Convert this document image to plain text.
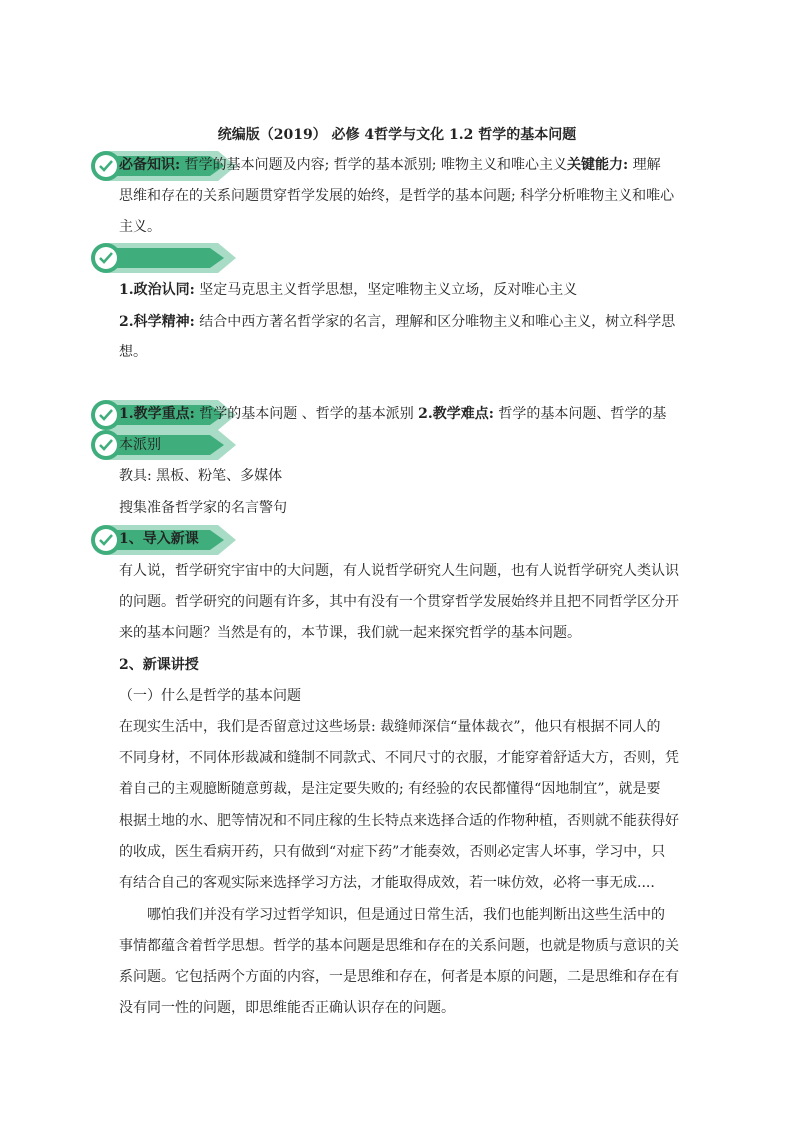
统编版（2019） 必修 4哲学与文化 1.2 哲学的基本问题
必备知识: 哲学的基本问题及内容; 哲学的基本派别; 唯物主义和唯心主义关键能力: 理解
思维和存在的关系问题贯穿哲学发展的始终，是哲学的基本问题; 科学分析唯物主义和唯心
主义。
1.政治认同: 坚定马克思主义哲学思想，坚定唯物主义立场，反对唯心主义
2.科学精神: 结合中西方著名哲学家的名言，理解和区分唯物主义和唯心主义，树立科学思
想。
1.教学重点: 哲学的基本问题 、哲学的基本派别 2.教学难点: 哲学的基本问题、哲学的基
本派别
教具: 黑板、粉笔、多媒体
搜集准备哲学家的名言警句
1、导入新课
有人说，哲学研究宇宙中的大问题，有人说哲学研究人生问题，也有人说哲学研究人类认识
的问题。哲学研究的问题有许多，其中有没有一个贯穿哲学发展始终并且把不同哲学区分开
来的基本问题？当然是有的，本节课，我们就一起来探究哲学的基本问题。
2、新课讲授
（一）什么是哲学的基本问题
在现实生活中，我们是否留意过这些场景: 裁缝师深信“量体裁衣”，他只有根据不同人的
不同身材，不同体形裁减和缝制不同款式、不同尺寸的衣服，才能穿着舒适大方，否则，凭
着自己的主观臆断随意剪裁，是注定要失败的; 有经验的农民都懂得“因地制宜”，就是要
根据土地的水、肥等情况和不同庄稼的生长特点来选择合适的作物种植，否则就不能获得好
的收成，医生看病开药，只有做到“对症下药”才能奏效，否则必定害人坏事，学习中，只
有结合自己的客观实际来选择学习方法，才能取得成效，若一味仿效，必将一事无成....
哪怕我们并没有学习过哲学知识，但是通过日常生活，我们也能判断出这些生活中的
事情都蕴含着哲学思想。哲学的基本问题是思维和存在的关系问题，也就是物质与意识的关
系问题。它包括两个方面的内容，一是思维和存在，何者是本原的问题，二是思维和存在有
没有同一性的问题，即思维能否正确认识存在的问题。
